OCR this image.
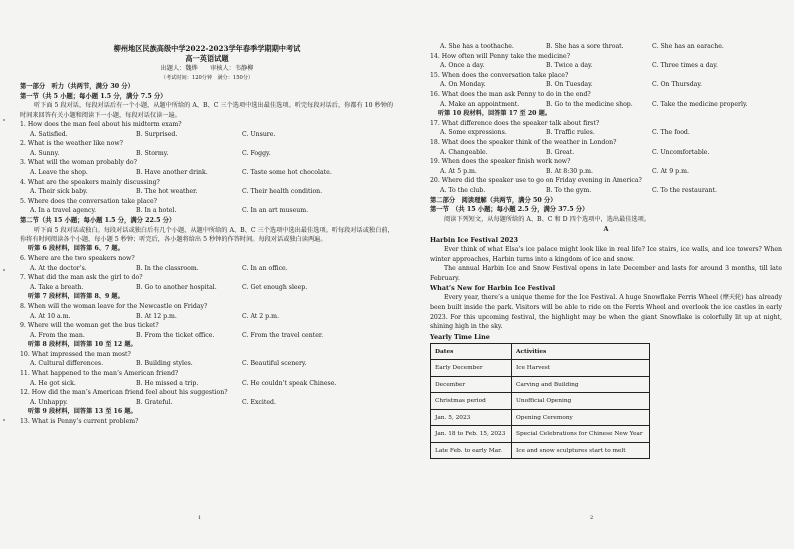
柳州地区民族高级中学2022-2023学年春季学期期中考试
高一英语试题
出题人：魏烨　　审核人：韦静柳
（考试时间：120分钟　满分：150分）
第一部分　听力（共两节，满分 30 分）
第一节（共 5 小题；每小题 1.5 分，满分 7.5 分）
听下面 5 段对话，每段对话后有一个小题，从题中所给的 A、B、C 三个选项中选出最佳选项。听完每段对话后，你都有 10 秒钟的时间来回答有关小题和阅读下一小题，每段对话仅读一遍。
1. How does the man feel about his midterm exam?
A. Satisfied.	B. Surprised.	C. Unsure.
2. What is the weather like now?
A. Sunny.	B. Stormy.	C. Foggy.
3. What will the woman probably do?
A. Leave the shop.	B. Have another drink.	C. Taste some hot chocolate.
4. What are the speakers mainly discussing?
A. Their sick baby.	B. The hot weather.	C. Their health condition.
5. Where does the conversation take place?
A. In a travel agency.	B. In a hotel.	C. In an art museum.
第二节（共 15 小题；每小题 1.5 分，满分 22.5 分）
听下面 5 段对话或独白。每段对话或独白后有几个小题，从题中所给的 A、B、C 三个选项中选出最佳选项。听每段对话或独白前，你将有时间阅读各个小题，每小题 5 秒钟；听完后，各小题将给出 5 秒钟的作答时间。每段对话或独白读两遍。
听第 6 段材料，回答第 6、7 题。
6. Where are the two speakers now?
A. At the doctor’s.	B. In the classroom.	C. In an office.
7. What did the man ask the girl to do?
A. Take a breath.	B. Go to another hospital.	C. Get enough sleep.
听第 7 段材料，回答第 8、9 题。
8. When will the woman leave for the Newcastle on Friday?
A. At 10 a.m.	B. At 12 p.m.	C. At 2 p.m.
9. Where will the woman get the bus ticket?
A. From the man.	B. From the ticket office.	C. From the travel center.
听第 8 段材料，回答第 10 至 12 题。
10. What impressed the man most?
A. Cultural differences.	B. Building styles.	C. Beautiful scenery.
11. What happened to the man’s American friend?
A. He got sick.	B. He missed a trip.	C. He couldn’t speak Chinese.
12. How did the man’s American friend feel about his suggestion?
A. Unhappy.	B. Grateful.	C. Excited.
听第 9 段材料，回答第 13 至 16 题。
13. What is Penny’s current problem?
1
A. She has a toothache.	B. She has a sore throat.	C. She has an earache.
14. How often will Penny take the medicine?
A. Once a day.	B. Twice a day.	C. Three times a day.
15. When does the conversation take place?
A. On Monday.	B. On Tuesday.	C. On Thursday.
16. What does the man ask Penny to do in the end?
A. Make an appointment.	B. Go to the medicine shop.	C. Take the medicine properly.
听第 10 段材料，回答第 17 至 20 题。
17. What difference does the speaker talk about first?
A. Some expressions.	B. Traffic rules.	C. The food.
18. What does the speaker think of the weather in London?
A. Changeable.	B. Great.	C. Uncomfortable.
19. When does the speaker finish work now?
A. At 5 p.m.	B. At 8:30 p.m.	C. At 9 p.m.
20. Where did the speaker use to go on Friday evening in America?
A. To the club.	B. To the gym.	C. To the restaurant.
第二部分　阅读理解（共两节，满分 50 分）
第一节　（共 15 小题；每小题 2.5 分，满分 37.5 分）
阅读下列短文，从每题所给的 A、B、C 和 D 四个选项中，选出最佳选项。
A
Harbin Ice Festival 2023
Ever think of what Elsa’s ice palace might look like in real life? Ice stairs, ice walls, and ice towers? When winter approaches, Harbin turns into a kingdom of ice and snow.
The annual Harbin Ice and Snow Festival opens in late December and lasts for around 3 months, till late February.
What’s New for Harbin Ice Festival
Every year, there’s a unique theme for the Ice Festival. A huge Snowflake Ferris Wheel (摩天轮) has already been built inside the park. Visitors will be able to ride on the Ferris Wheel and overlook the ice castles in early 2023. For this upcoming festival, the highlight may be when the giant Snowflake is colorfully lit up at night, shining high in the sky.
Yearly Time Line
Dates	Activities
Early December	Ice Harvest
December	Carving and Building
Christmas period	Unofficial Opening
Jan. 5, 2023	Opening Ceremony
Jan. 18 to Feb. 15, 2023	Special Celebrations for Chinese New Year
Late Feb. to early Mar.	Ice and snow sculptures start to melt
2
